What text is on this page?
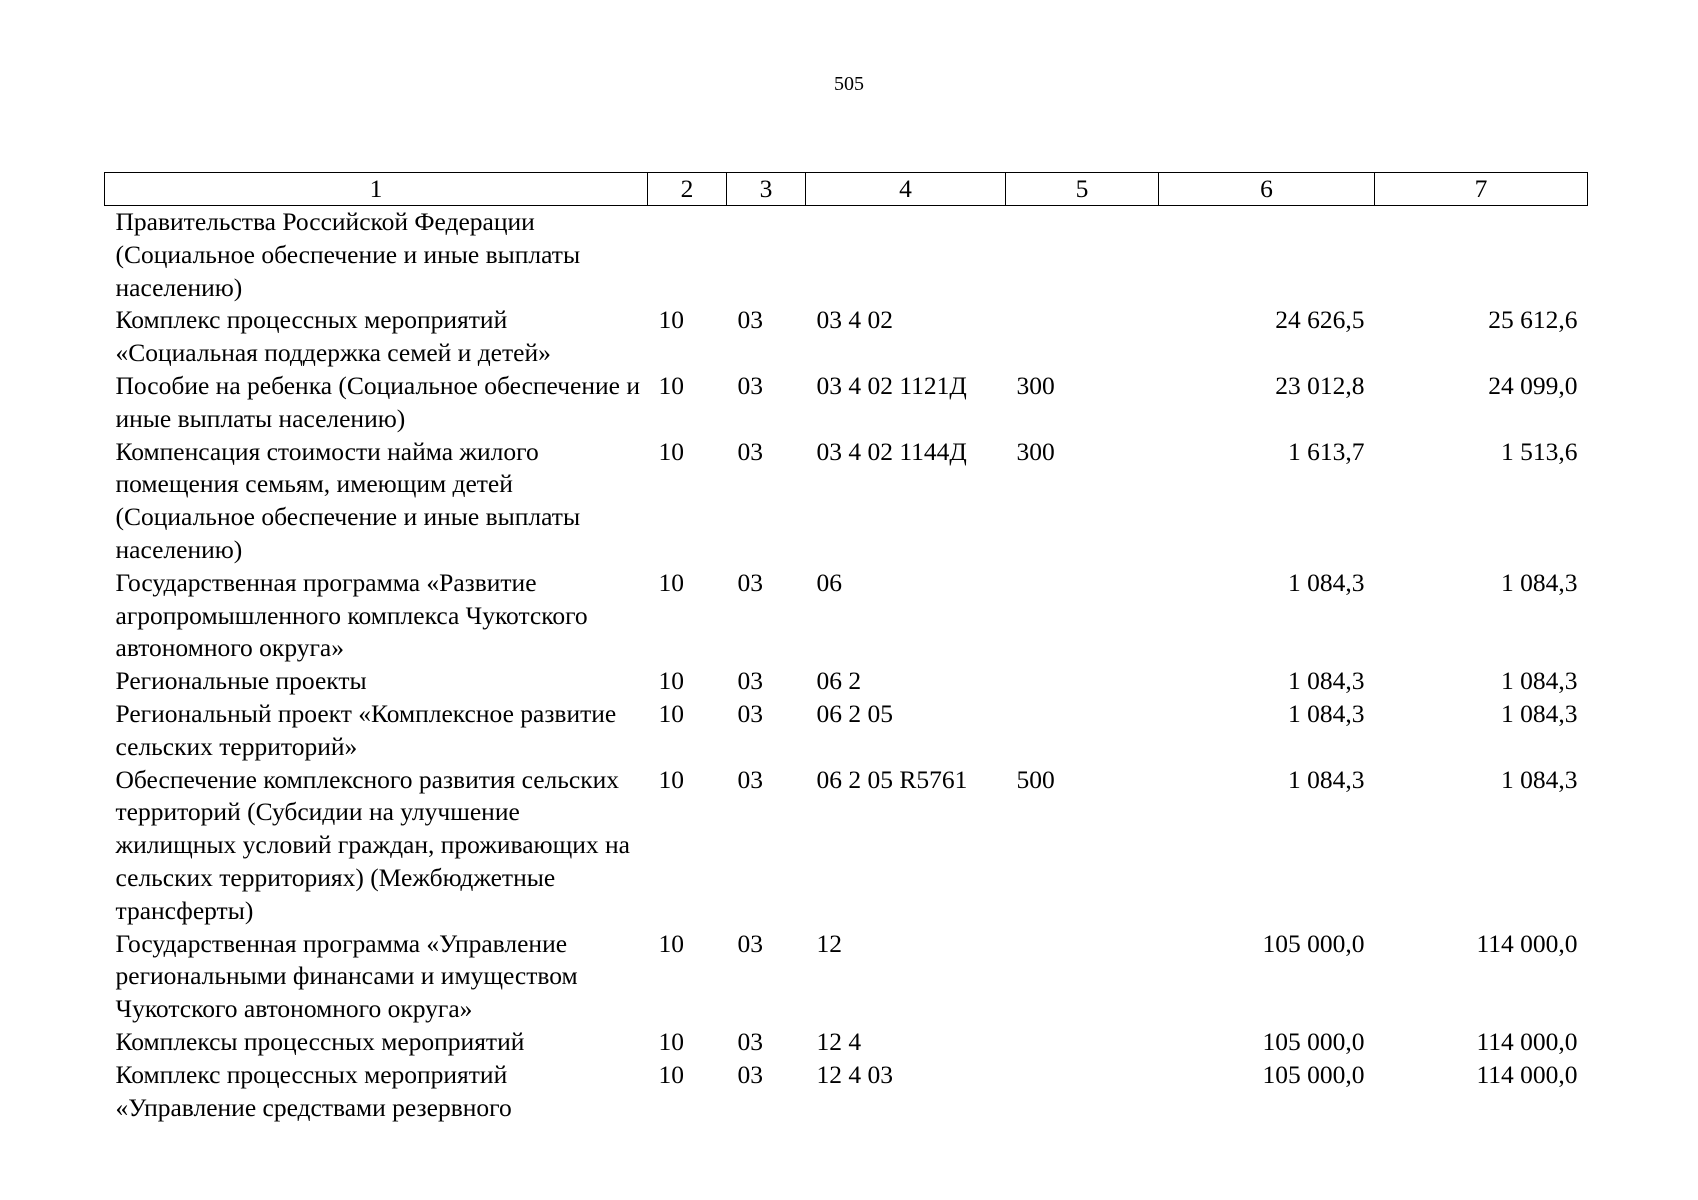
505
1	2	3	4	5	6	7
Правительства Российской Федерации (Социальное обеспечение и иные выплаты населению)						
Комплекс процессных мероприятий «Социальная поддержка семей и детей»	10	03	03 4 02		24 626,5	25 612,6
Пособие на ребенка (Социальное обеспечение и иные выплаты населению)	10	03	03 4 02 1121Д	300	23 012,8	24 099,0
Компенсация стоимости найма жилого помещения семьям, имеющим детей (Социальное обеспечение и иные выплаты населению)	10	03	03 4 02 1144Д	300	1 613,7	1 513,6
Государственная программа «Развитие агропромышленного комплекса Чукотского автономного округа»	10	03	06		1 084,3	1 084,3
Региональные проекты	10	03	06 2		1 084,3	1 084,3
Региональный проект «Комплексное развитие сельских территорий»	10	03	06 2 05		1 084,3	1 084,3
Обеспечение комплексного развития сельских территорий (Субсидии на улучшение жилищных условий граждан, проживающих на сельских территориях) (Межбюджетные трансферты)	10	03	06 2 05 R5761	500	1 084,3	1 084,3
Государственная программа «Управление региональными финансами и имуществом Чукотского автономного округа»	10	03	12		105 000,0	114 000,0
Комплексы процессных мероприятий	10	03	12 4		105 000,0	114 000,0
Комплекс процессных мероприятий «Управление средствами резервного	10	03	12 4 03		105 000,0	114 000,0
